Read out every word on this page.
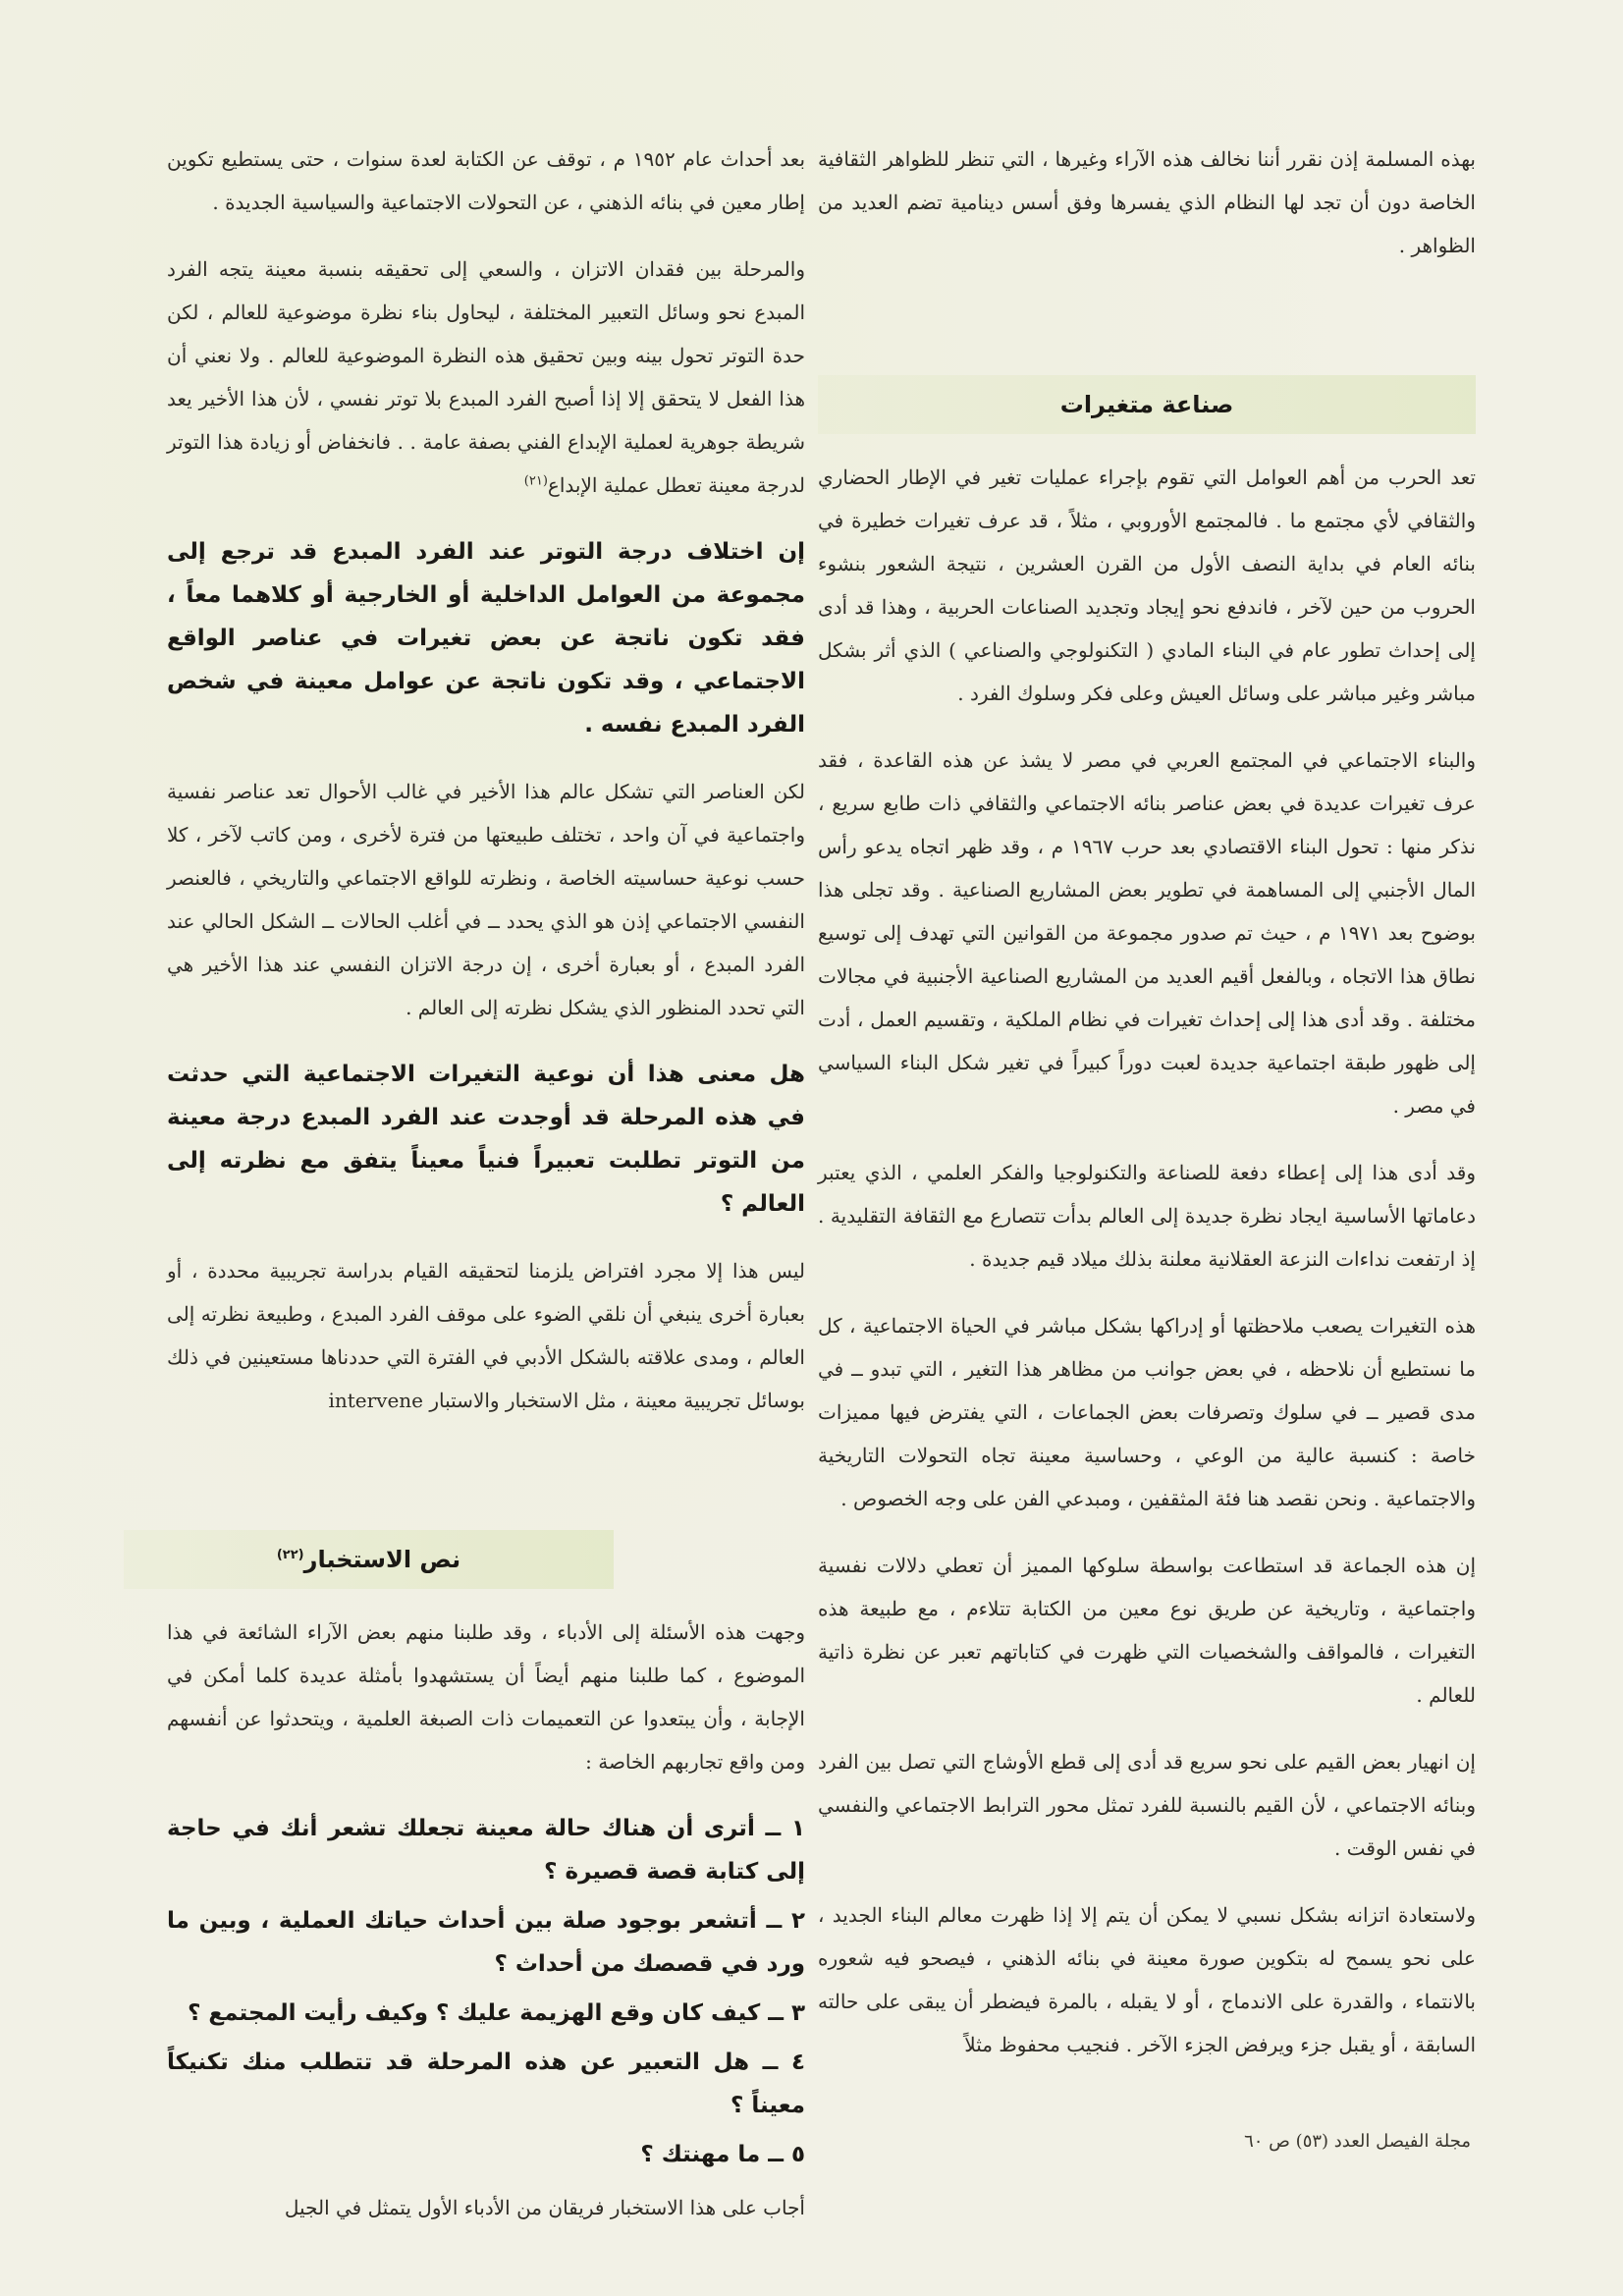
بهذه المسلمة إذن نقرر أننا نخالف هذه الآراء وغيرها ، التي تنظر للظواهر الثقافية الخاصة دون أن تجد لها النظام الذي يفسرها وفق أسس دينامية تضم العديد من الظواهر .

صناعة متغيرات

تعد الحرب من أهم العوامل التي تقوم بإجراء عمليات تغير في الإطار الحضاري والثقافي لأي مجتمع ما . فالمجتمع الأوروبي ، مثلاً ، قد عرف تغيرات خطيرة في بنائه العام في بداية النصف الأول من القرن العشرين ، نتيجة الشعور بنشوء الحروب من حين لآخر ، فاندفع نحو إيجاد وتجديد الصناعات الحربية ، وهذا قد أدى إلى إحداث تطور عام في البناء المادي ( التكنولوجي والصناعي ) الذي أثر بشكل مباشر وغير مباشر على وسائل العيش وعلى فكر وسلوك الفرد .

والبناء الاجتماعي في المجتمع العربي في مصر لا يشذ عن هذه القاعدة ، فقد عرف تغيرات عديدة في بعض عناصر بنائه الاجتماعي والثقافي ذات طابع سريع ، نذكر منها : تحول البناء الاقتصادي بعد حرب ١٩٦٧ م ، وقد ظهر اتجاه يدعو رأس المال الأجنبي إلى المساهمة في تطوير بعض المشاريع الصناعية . وقد تجلى هذا بوضوح بعد ١٩٧١ م ، حيث تم صدور مجموعة من القوانين التي تهدف إلى توسيع نطاق هذا الاتجاه ، وبالفعل أقيم العديد من المشاريع الصناعية الأجنبية في مجالات مختلفة . وقد أدى هذا إلى إحداث تغيرات في نظام الملكية ، وتقسيم العمل ، أدت إلى ظهور طبقة اجتماعية جديدة لعبت دوراً كبيراً في تغير شكل البناء السياسي في مصر .

وقد أدى هذا إلى إعطاء دفعة للصناعة والتكنولوجيا والفكر العلمي ، الذي يعتبر دعاماتها الأساسية ايجاد نظرة جديدة إلى العالم بدأت تتصارع مع الثقافة التقليدية . إذ ارتفعت نداءات النزعة العقلانية معلنة بذلك ميلاد قيم جديدة .

هذه التغيرات يصعب ملاحظتها أو إدراكها بشكل مباشر في الحياة الاجتماعية ، كل ما نستطيع أن نلاحظه ، في بعض جوانب من مظاهر هذا التغير ، التي تبدو ــ في مدى قصير ــ في سلوك وتصرفات بعض الجماعات ، التي يفترض فيها مميزات خاصة : كنسبة عالية من الوعي ، وحساسية معينة تجاه التحولات التاريخية والاجتماعية . ونحن نقصد هنا فئة المثقفين ، ومبدعي الفن على وجه الخصوص .

إن هذه الجماعة قد استطاعت بواسطة سلوكها المميز أن تعطي دلالات نفسية واجتماعية ، وتاريخية عن طريق نوع معين من الكتابة تتلاءم ، مع طبيعة هذه التغيرات ، فالمواقف والشخصيات التي ظهرت في كتاباتهم تعبر عن نظرة ذاتية للعالم .

إن انهيار بعض القيم على نحو سريع قد أدى إلى قطع الأوشاج التي تصل بين الفرد وبنائه الاجتماعي ، لأن القيم بالنسبة للفرد تمثل محور الترابط الاجتماعي والنفسي في نفس الوقت .

ولاستعادة اتزانه بشكل نسبي لا يمكن أن يتم إلا إذا ظهرت معالم البناء الجديد ، على نحو يسمح له بتكوين صورة معينة في بنائه الذهني ، فيصحو فيه شعوره بالانتماء ، والقدرة على الاندماج ، أو لا يقبله ، بالمرة فيضطر أن يبقى على حالته السابقة ، أو يقبل جزء ويرفض الجزء الآخر . فنجيب محفوظ مثلاً

بعد أحداث عام ١٩٥٢ م ، توقف عن الكتابة لعدة سنوات ، حتى يستطيع تكوين إطار معين في بنائه الذهني ، عن التحولات الاجتماعية والسياسية الجديدة .

والمرحلة بين فقدان الاتزان ، والسعي إلى تحقيقه بنسبة معينة يتجه الفرد المبدع نحو وسائل التعبير المختلفة ، ليحاول بناء نظرة موضوعية للعالم ، لكن حدة التوتر تحول بينه وبين تحقيق هذه النظرة الموضوعية للعالم . ولا نعني أن هذا الفعل لا يتحقق إلا إذا أصبح الفرد المبدع بلا توتر نفسي ، لأن هذا الأخير يعد شريطة جوهرية لعملية الإبداع الفني بصفة عامة . . فانخفاض أو زيادة هذا التوتر لدرجة معينة تعطل عملية الإبداع$^{(٢١)}$

إن اختلاف درجة التوتر عند الفرد المبدع قد ترجع إلى مجموعة من العوامل الداخلية أو الخارجية أو كلاهما معاً ، فقد تكون ناتجة عن بعض تغيرات في عناصر الواقع الاجتماعي ، وقد تكون ناتجة عن عوامل معينة في شخص الفرد المبدع نفسه .

لكن العناصر التي تشكل عالم هذا الأخير في غالب الأحوال تعد عناصر نفسية واجتماعية في آن واحد ، تختلف طبيعتها من فترة لأخرى ، ومن كاتب لآخر ، كلا حسب نوعية حساسيته الخاصة ، ونظرته للواقع الاجتماعي والتاريخي ، فالعنصر النفسي الاجتماعي إذن هو الذي يحدد ــ في أغلب الحالات ــ الشكل الحالي عند الفرد المبدع ، أو بعبارة أخرى ، إن درجة الاتزان النفسي عند هذا الأخير هي التي تحدد المنظور الذي يشكل نظرته إلى العالم .

هل معنى هذا أن نوعية التغيرات الاجتماعية التي حدثت في هذه المرحلة قد أوجدت عند الفرد المبدع درجة معينة من التوتر تطلبت تعبيراً فنياً معيناً يتفق مع نظرته إلى العالم ؟

ليس هذا إلا مجرد افتراض يلزمنا لتحقيقه القيام بدراسة تجريبية محددة ، أو بعبارة أخرى ينبغي أن نلقي الضوء على موقف الفرد المبدع ، وطبيعة نظرته إلى العالم ، ومدى علاقته بالشكل الأدبي في الفترة التي حددناها مستعينين في ذلك بوسائل تجريبية معينة ، مثل الاستخبار والاستبار intervene

نص الاستخبار$^{(٢٢)}$

وجهت هذه الأسئلة إلى الأدباء ، وقد طلبنا منهم بعض الآراء الشائعة في هذا الموضوع ، كما طلبنا منهم أيضاً أن يستشهدوا بأمثلة عديدة كلما أمكن في الإجابة ، وأن يبتعدوا عن التعميمات ذات الصبغة العلمية ، ويتحدثوا عن أنفسهم ومن واقع تجاربهم الخاصة :

١ ــ أترى أن هناك حالة معينة تجعلك تشعر أنك في حاجة إلى كتابة قصة قصيرة ؟
٢ ــ أتشعر بوجود صلة بين أحداث حياتك العملية ، وبين ما ورد في قصصك من أحداث ؟
٣ ــ كيف كان وقع الهزيمة عليك ؟ وكيف رأيت المجتمع ؟
٤ ــ هل التعبير عن هذه المرحلة قد تتطلب منك تكنيكاً معيناً ؟
٥ ــ ما مهنتك ؟

أجاب على هذا الاستخبار فريقان من الأدباء الأول يتمثل في الجيل

مجلة الفيصل العدد (٥٣) ص ٦٠
